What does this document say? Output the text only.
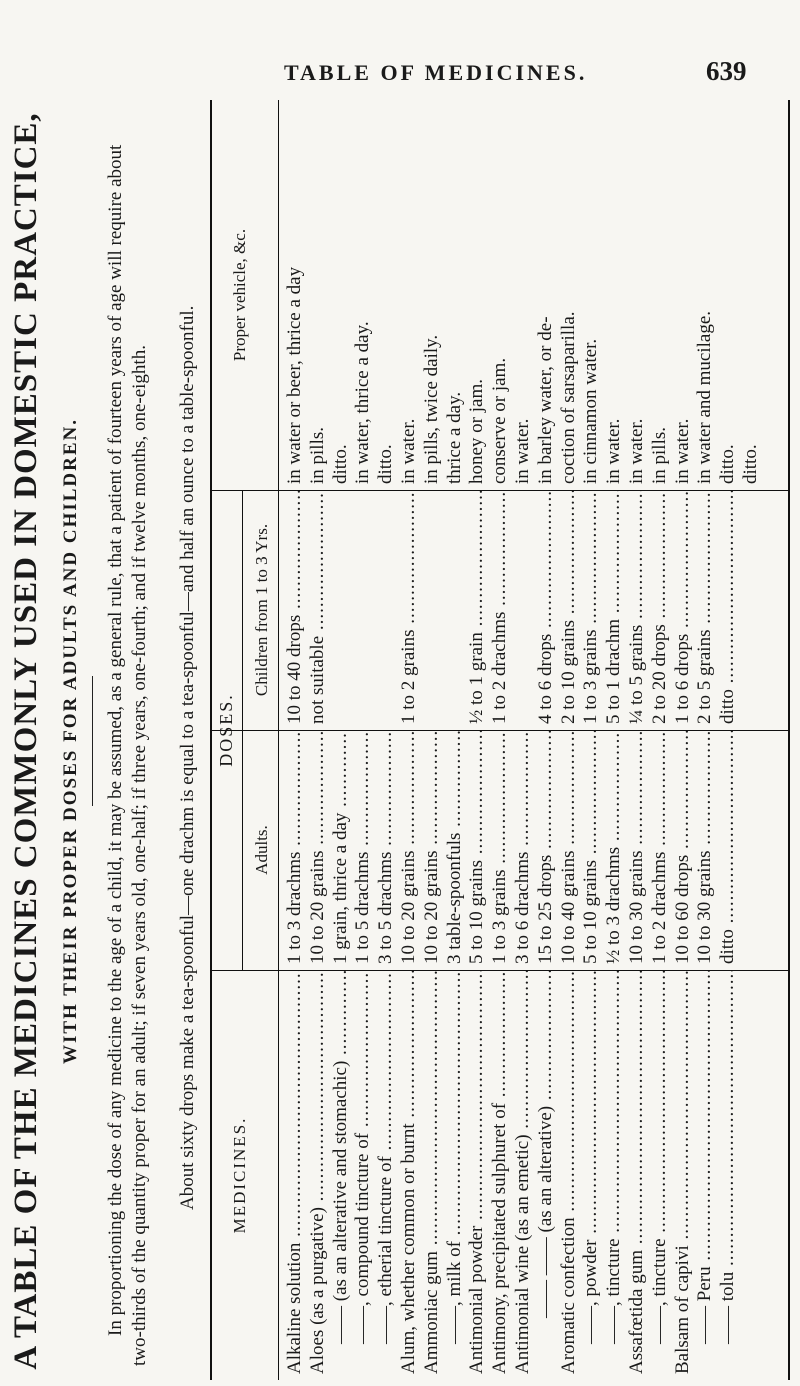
TABLE OF MEDICINES.	639
A TABLE OF THE MEDICINES COMMONLY USED IN DOMESTIC PRACTICE, WITH THEIR PROPER DOSES FOR ADULTS AND CHILDREN. In proportioning the dose of any medicine to the age of a child, it may be assumed, as a general rule, that a patient of fourteen years of age will require about two-thirds of the quantity proper for an adult; if seven years old, one-half; if three years, one-fourth; and if twelve months, one-eighth. About sixty drops make a tea-spoonful—one drachm is equal to a tea-spoonful—and half an ounce to a table-spoonful. DOSES.
MEDICINES.
Alkaline solution ..... Aloes (as a purgative) ..... —— (as an alterative and stomachic) ..... ——, compound tincture of ..... ——, etherial tincture of ..... Alum, whether common or burnt ..... Ammoniac gum ..... ——, milk of ..... Antimonial powder ..... Antimony, precipitated sulphuret of ..... Antimonial wine (as an emetic) ..... —— —— (as an alterative) ..... Aromatic confection ..... ——, powder ..... ——, tincture ..... Assafœtida gum ..... ——, tincture ..... Balsam of capivi ..... —— Peru ..... —— tolu .....
Adults.
1 to 3 drachms ..... 10 to 20 grains ..... 1 grain, thrice a day ..... 1 to 5 drachms ..... 3 to 5 drachms ..... 10 to 20 grains ..... 10 to 20 grains ..... 3 table-spoonfuls ..... 5 to 10 grains ..... 1 to 3 grains ..... 3 to 6 drachms ..... 15 to 25 drops ..... 10 to 40 grains ..... 5 to 10 grains ..... ½ to 3 drachms ..... 10 to 30 grains ..... 1 to 2 drachms ..... 10 to 60 drops ..... 10 to 30 grains ..... ditto .....
Children from 1 to 3 Yrs. 10 to 40 drops ..... not suitable .....	1 to 2 grains ..... ½ to 1 grain ..... 1 to 2 drachms ..... 4 to 6 drops ..... 2 to 10 grains ..... 1 to 3 grains ..... 5 to 1 drachm ..... ¼ to 5 grains ..... 2 to 20 drops ..... 1 to 6 drops ..... 2 to 5 grains ..... ditto .....
Proper vehicle, &c. in water or beer, thrice a day in pills. ditto. in water, thrice a day. ditto. in water. in pills, twice daily. thrice a day. honey or jam. conserve or jam. in water. in barley water, or de- coction of sarsaparilla. in cinnamon water. in water. in water. in pills. in water. in water and mucilage. ditto. ditto.
